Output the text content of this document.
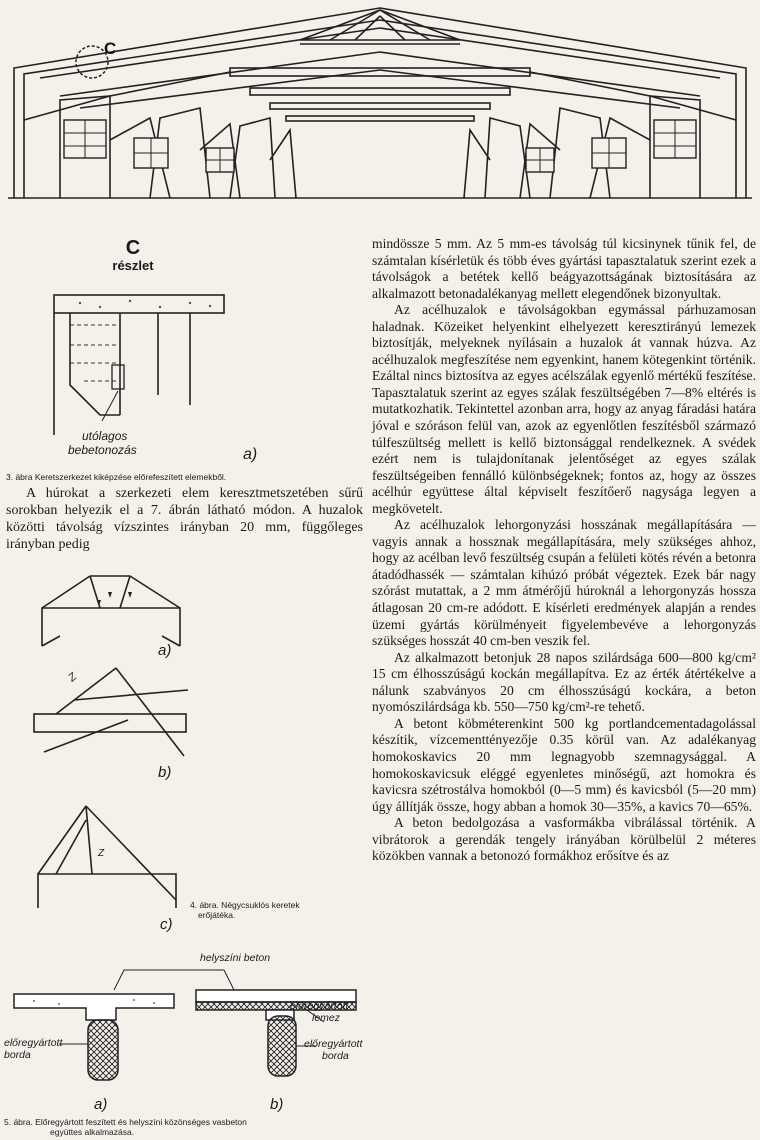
C
C
részlet
utólagos
bebetonozás	a)
3. ábra Keretszerkezet kiképzése előrefeszített elemekből.

A húrokat a szerkezeti elem keresztmetszetében sűrű sorokban helyezik el a 7. ábrán látható módon. A huzalok közötti távolság vízszintes irányban 20 mm, függőleges irányban pedig

a)
Z
b)
Z
4. ábra. Négycsuklós keretek
erőjátéka.
c)
helyszíni beton
előregyártott
borda
előregyártott
lemez
előregyártott
borda
a)	b)
5. ábra. Előregyártott feszített és helyszíni közönséges vasbeton
együttes alkalmazása.

mindössze 5 mm. Az 5 mm-es távolság túl kicsinynek tűnik fel, de számtalan kísérletük és több éves gyártási tapasztalatuk szerint ezek a távolságok a betétek kellő beágyazottságának biztosítására az alkalmazott betonadalékanyag mellett elegendőnek bizonyultak.

Az acélhuzalok e távolságokban egymással párhuzamosan haladnak. Közeiket helyenkint elhelyezett keresztirányú lemezek biztosítják, melyeknek nyílásain a huzalok át vannak húzva. Az acélhuzalok megfeszítése nem egyenkint, hanem kötegenkint történik. Ezáltal nincs biztosítva az egyes acélszálak egyenlő mértékű feszítése. Tapasztalatuk szerint az egyes szálak feszültségében 7—8% eltérés is mutatkozhatik. Tekintettel azonban arra, hogy az anyag fáradási határa jóval e szóráson felül van, azok az egyenlőtlen feszítésből származó túlfeszültség mellett is kellő biztonsággal rendelkeznek. A svédek ezért nem is tulajdonítanak jelentőséget az egyes szálak feszültségeiben fennálló különbségeknek; fontos az, hogy az összes acélhúr együttese által képviselt feszítőerő nagysága legyen a megkövetelt.

Az acélhuzalok lehorgonyzási hosszának megállapítására — vagyis annak a hossznak megállapítására, mely szükséges ahhoz, hogy az acélban levő feszültség csupán a felületi kötés révén a betonra átadódhassék — számtalan kihúzó próbát végeztek. Ezek bár nagy szórást mutattak, a 2 mm átmérőjű húroknál a lehorgonyzás hossza átlagosan 20 cm-re adódott. E kísérleti eredmények alapján a rendes üzemi gyártás körülményeit figyelembevéve a lehorgonyzás szükséges hosszát 40 cm-ben veszik fel.

Az alkalmazott betonjuk 28 napos szilárdsága 600—800 kg/cm² 15 cm élhosszúságú kockán megállapítva. Ez az érték átértékelve a nálunk szabványos 20 cm élhosszúságú kockára, a beton nyomószilárdsága kb. 550—750 kg/cm²-re tehető.

A betont köbméterenkint 500 kg portlandcementadagolással készítik, vízcementtényezője 0.35 körül van. Az adalékanyag homokoskavics 20 mm legnagyobb szemnagysággal. A homokoskavicsuk eléggé egyenletes minőségű, azt homokra és kavicsra szétrostálva homokból (0—5 mm) és kavicsból (5—20 mm) úgy állítják össze, hogy abban a homok 30—35%, a kavics 70—65%.

A beton bedolgozása a vasformákba vibrálással történik. A vibrátorok a gerendák tengely irányában körülbelül 2 méteres közökben vannak a betonozó formákhoz erősítve és az
